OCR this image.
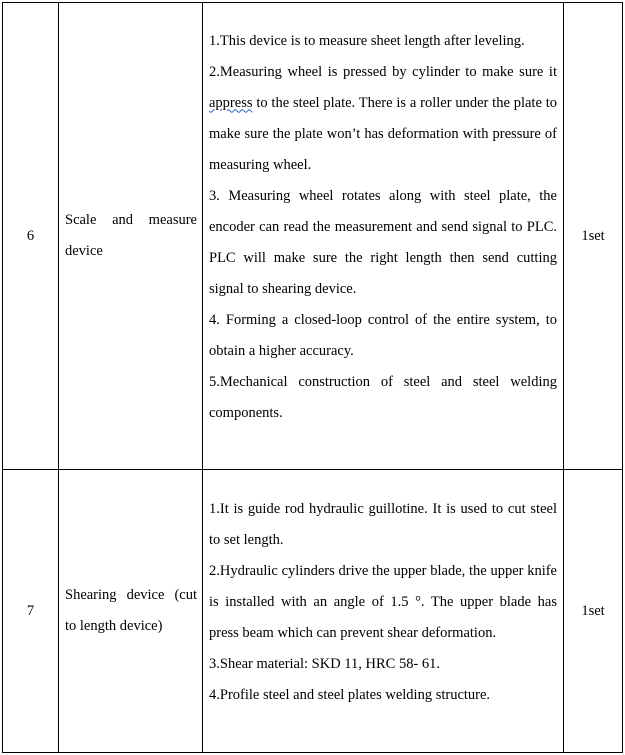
6	Scale and measure device	1.This device is to measure sheet length after leveling.

2.Measuring wheel is pressed by cylinder to make sure it appress to the steel plate. There is a roller under the plate to make sure the plate won’t has deformation with pressure of measuring wheel.

3. Measuring wheel rotates along with steel plate, the encoder can read the measurement and send signal to PLC. PLC will make sure the right length then send cutting signal to shearing device.

4. Forming a closed-loop control of the entire system, to obtain a higher accuracy.

5.Mechanical construction of steel and steel welding components.	1set
7	Shearing device (cut to length device)	1.It is guide rod hydraulic guillotine. It is used to cut steel to set length.

2.Hydraulic cylinders drive the upper blade, the upper knife is installed with an angle of 1.5 °. The upper blade has press beam which can prevent shear deformation.

3.Shear material: SKD 11, HRC 58- 61.

4.Profile steel and steel plates welding structure.	1set
